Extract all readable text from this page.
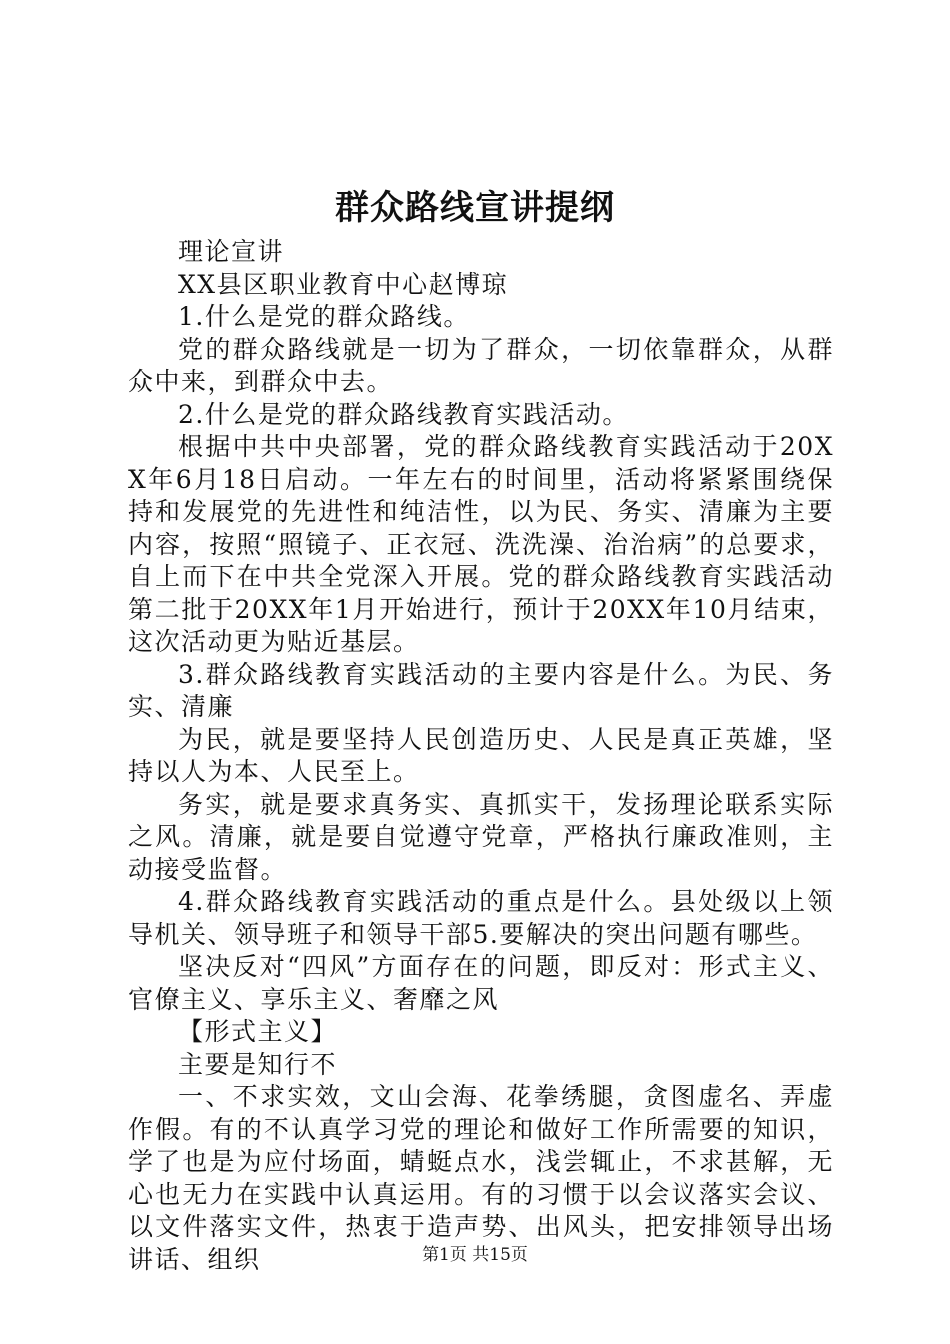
群众路线宣讲提纲

理论宣讲

XX县区职业教育中心赵博琼

1.什么是党的群众路线。

党的群众路线就是一切为了群众，一切依靠群众，从群众中来，到群众中去。

2.什么是党的群众路线教育实践活动。

根据中共中央部署，党的群众路线教育实践活动于20XX年6月18日启动。一年左右的时间里，活动将紧紧围绕保持和发展党的先进性和纯洁性，以为民、务实、清廉为主要内容，按照“照镜子、正衣冠、洗洗澡、治治病”的总要求，自上而下在中共全党深入开展。党的群众路线教育实践活动第二批于20XX年1月开始进行，预计于20XX年10月结束，这次活动更为贴近基层。

3.群众路线教育实践活动的主要内容是什么。为民、务实、清廉

为民，就是要坚持人民创造历史、人民是真正英雄，坚持以人为本、人民至上。

务实，就是要求真务实、真抓实干，发扬理论联系实际之风。清廉，就是要自觉遵守党章，严格执行廉政准则，主动接受监督。

4.群众路线教育实践活动的重点是什么。县处级以上领导机关、领导班子和领导干部5.要解决的突出问题有哪些。

坚决反对“四风”方面存在的问题，即反对：形式主义、官僚主义、享乐主义、奢靡之风

【形式主义】

主要是知行不

一、不求实效，文山会海、花拳绣腿，贪图虚名、弄虚作假。有的不认真学习党的理论和做好工作所需要的知识，学了也是为应付场面，蜻蜓点水，浅尝辄止，不求甚解，无心也无力在实践中认真运用。有的习惯于以会议落实会议、以文件落实文件，热衷于造声势、出风头，把安排领导出场讲话、组织	第1页 共15页
